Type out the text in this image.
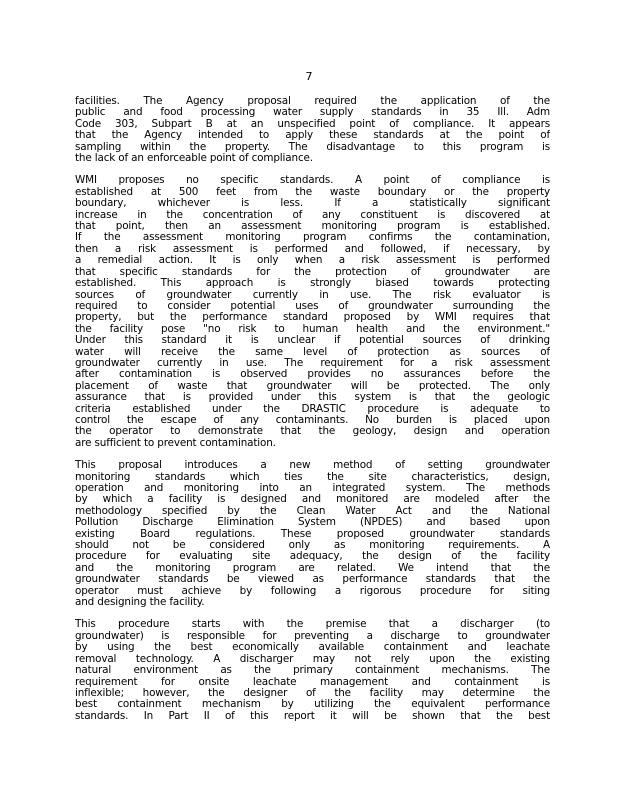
7
facilities. The Agency proposal required the application of the
public and food processing water supply standards in 35 Ill. Adm
Code 303, Subpart B at an unspecified point of compliance. It appears
that the Agency intended to apply these standards at the point of
sampling within the property. The disadvantage to this program is
the lack of an enforceable point of compliance.
WMI proposes no specific standards. A point of compliance is
established at 500 feet from the waste boundary or the property
boundary, whichever is less. If a statistically significant
increase in the concentration of any constituent is discovered at
that point, then an assessment monitoring program is established.
If the assessment monitoring program confirms the contamination,
then a risk assessment is performed and followed, if necessary, by
a remedial action. It is only when a risk assessment is performed
that specific standards for the protection of groundwater are
established. This approach is strongly biased towards protecting
sources of groundwater currently in use. The risk evaluator is
required to consider potential uses of groundwater surrounding the
property, but the performance standard proposed by WMI requires that
the facility pose "no risk to human health and the environment."
Under this standard it is unclear if potential sources of drinking
water will receive the same level of protection as sources of
groundwater currently in use. The requirement for a risk assessment
after contamination is observed provides no assurances before the
placement of waste that groundwater will be protected. The only
assurance that is provided under this system is that the geologic
criteria established under the DRASTIC procedure is adequate to
control the escape of any contaminants. No burden is placed upon
the operator to demonstrate that the geology, design and operation
are sufficient to prevent contamination.
This proposal introduces a new method of setting groundwater
monitoring standards which ties the site characteristics, design,
operation and monitoring into an integrated system. The methods
by which a facility is designed and monitored are modeled after the
methodology specified by the Clean Water Act and the National
Pollution Discharge Elimination System (NPDES) and based upon
existing Board regulations. These proposed groundwater standards
should not be considered only as monitoring requirements. A
procedure for evaluating site adequacy, the design of the facility
and the monitoring program are related. We intend that the
groundwater standards be viewed as performance standards that the
operator must achieve by following a rigorous procedure for siting
and designing the facility.
This procedure starts with the premise that a discharger (to
groundwater) is responsible for preventing a discharge to groundwater
by using the best economically available containment and leachate
removal technology. A discharger may not rely upon the existing
natural environment as the primary containment mechanisms. The
requirement for onsite leachate management and containment is
inflexible; however, the designer of the facility may determine the
best containment mechanism by utilizing the equivalent performance
standards. In Part II of this report it will be shown that the best
